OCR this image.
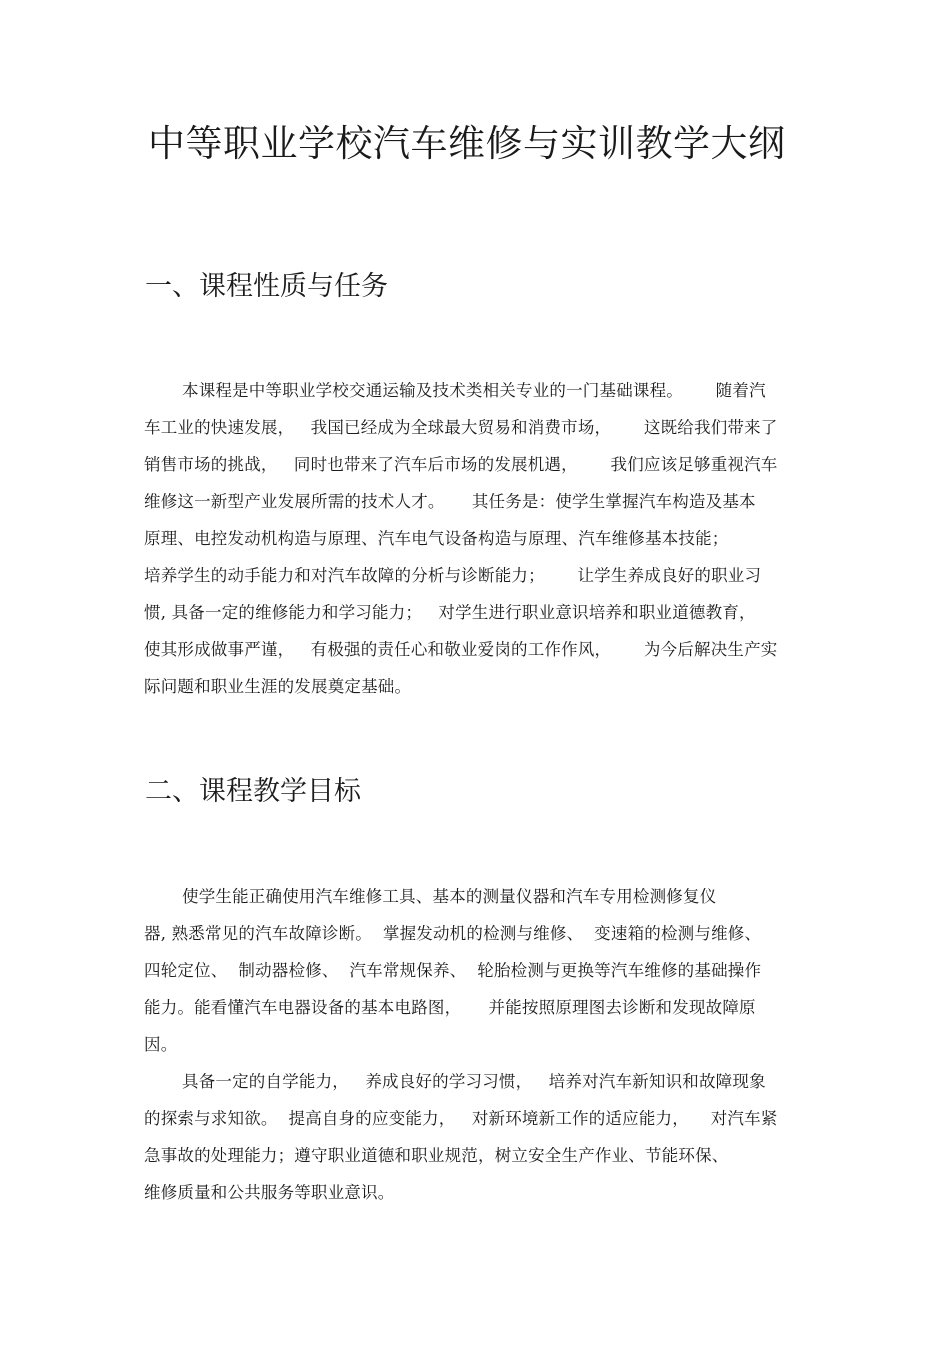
中等职业学校汽车维修与实训教学大纲
一、课程性质与任务
本课程是中等职业学校交通运输及技术类相关专业的一门基础课程。      随着汽
车工业的快速发展，   我国已经成为全球最大贸易和消费市场，      这既给我们带来了
销售市场的挑战，   同时也带来了汽车后市场的发展机遇，      我们应该足够重视汽车
维修这一新型产业发展所需的技术人才。     其任务是：使学生掌握汽车构造及基本
原理、电控发动机构造与原理、汽车电气设备构造与原理、汽车维修基本技能；
培养学生的动手能力和对汽车故障的分析与诊断能力；      让学生养成良好的职业习
惯, 具备一定的维修能力和学习能力；   对学生进行职业意识培养和职业道德教育，
使其形成做事严谨，   有极强的责任心和敬业爱岗的工作作风，      为今后解决生产实
际问题和职业生涯的发展奠定基础。
二、课程教学目标
使学生能正确使用汽车维修工具、基本的测量仪器和汽车专用检测修复仪
器, 熟悉常见的汽车故障诊断。  掌握发动机的检测与维修、  变速箱的检测与维修、
四轮定位、  制动器检修、  汽车常规保养、  轮胎检测与更换等汽车维修的基础操作
能力。能看懂汽车电器设备的基本电路图，     并能按照原理图去诊断和发现故障原
因。
具备一定的自学能力，   养成良好的学习习惯，   培养对汽车新知识和故障现象
的探索与求知欲。  提高自身的应变能力，   对新环境新工作的适应能力，    对汽车紧
急事故的处理能力；遵守职业道德和职业规范，树立安全生产作业、节能环保、
维修质量和公共服务等职业意识。
